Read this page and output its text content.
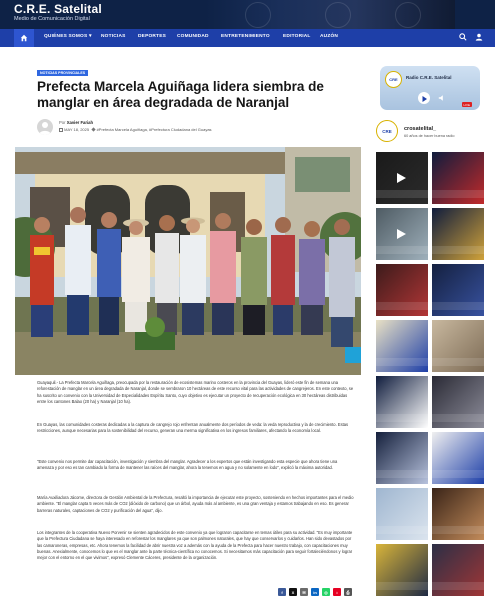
C.R.E. Satelital
Medio de Comunicación Digital
QUIÉNES SOMOS ▾ NOTICIAS	DEPORTES COMUNIDAD	ENTRETENIMIENTO	EDITORIAL AUZÓN
NOTICIAS PROVINCIALES
Prefecta Marcela Aguiñaga lidera siembra de manglar en área degradada de Naranjal
Por Xavier Fariah
MAY 18, 2025 #Prefecta Marcela Aguiñaga, #Prefectura Ciudadana del Guayas

Guayaquil.- La Prefecta Marcela Aguiñaga, preocupada por la restauración de ecosistemas marino costeros en la provincia del Guayas, lideró este fin de semana una reforestación de manglar en un área degradada de Naranjal, donde se sembraron 10 hectáreas de este recurso vital para las actividades de cangrejeros. En este contexto, se ha suscrito un convenio con la Universidad de Especialidades Espíritu Santo, cuyo objetivo es ejecutar un proyecto de recuperación ecológica en 30 hectáreas distribuidas entre los cantones Balao (20 ha) y Naranjal (10 ha).

En Guayas, las comunidades costeras dedicadas a la captura de cangrejo rojo enfrentan anualmente dos períodos de veda: la veda reproductiva y la de crecimiento. Estas restricciones, aunque necesarias para la sostenibilidad del recurso, generan una merma significativa en los ingresos familiares, afectando la economía local.

"Este convenio nos permite dar capacitación, investigación y siembra del manglar. Agradecer a los expertos que están investigando esta especie que ahora tiene una amenaza y por eso es tan cambiado la forma de mantener las raíces del manglar, ahora la tenemos en agua y no solamente en lodo", explicó la máxima autoridad.

María Auxiliadora Jácome, directora de Gestión Ambiental de la Prefectura, resaltó la importancia de ejecutar este proyecto, sosteniendo en hechos importantes para el medio ambiente. "El manglar capta 5 veces más de CO2 (dióxido de carbono) que un árbol, ayuda más al ambiente, es una gran ventaja y estamos trabajando en eso. Es generar barreras naturales, captaciones de CO2 y purificación del agua", dijo.

Los integrantes de la cooperativa Nuevo Porvenir se sienten agradecidos de este convenio ya que lograron capacitarse en temas útiles para su actividad. "Es muy importante que la Prefectura Ciudadana se haya interesado en reforestar los manglares ya que son palmones naturales, que hay que conservarlos y cuidarlos. Han sido devastados por las camaroneras, empresas, etc. Ahora tenemos la facilidad de abrir nuestra voz a además con la ayuda de la Prefecta para hacer nuestro trabajo, con capacitaciones muy buenas. Anexialmente, conocemos lo que es el manglar ante la parte técnica-científica no conocemos. Si necesitamos más capacitación para seguir fortaleciéndonos y lograr mejor con el entorno en el que vivimos", expresó Clemente Cáceres, presidente de la organización.

f	X	✉	in	◎	⌂	⎙
CRE	Radio C.R.E. Satelital
LIVE
CRE	crosatelital_
60 años de hacer buena radio
